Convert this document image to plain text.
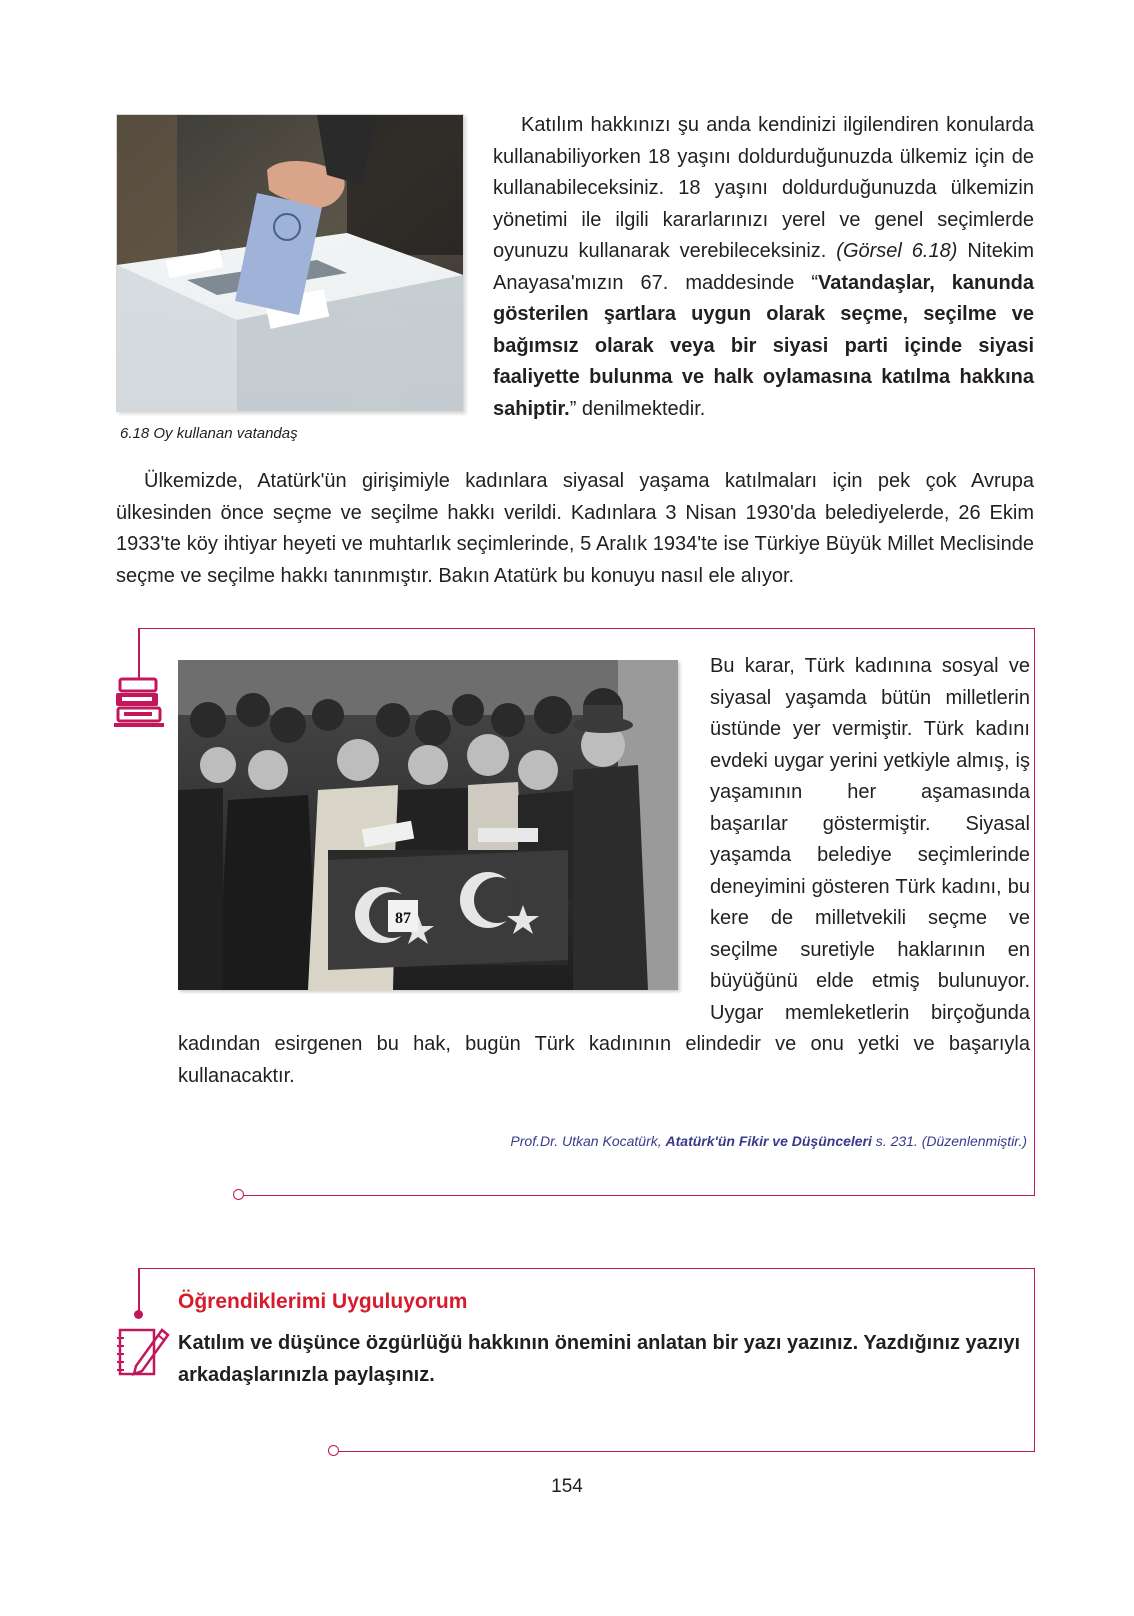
6.18 Oy kullanan vatandaş
Katılım hakkınızı şu anda kendinizi ilgilendiren konularda kullanabiliyorken 18 yaşını doldurduğunuzda ülkemiz için de kullanabileceksiniz. 18 yaşını doldurduğunuzda ülkemizin yönetimi ile ilgili kararlarınızı yerel ve genel seçimlerde oyunuzu kullanarak verebileceksiniz. (Görsel 6.18) Nitekim Anayasa'mızın 67. maddesinde “Vatandaşlar, kanunda gösterilen şartlara uygun olarak seçme, seçilme ve bağımsız olarak veya bir siyasi parti içinde siyasi faaliyette bulunma ve halk oylamasına katılma hakkına sahiptir.” denilmektedir.
Ülkemizde, Atatürk'ün girişimiyle kadınlara siyasal yaşama katılmaları için pek çok Avrupa ülkesinden önce seçme ve seçilme hakkı verildi. Kadınlara 3 Nisan 1930'da belediyelerde, 26 Ekim 1933'te köy ihtiyar heyeti ve muhtarlık seçimlerinde, 5 Aralık 1934'te ise Türkiye Büyük Millet Meclisinde seçme ve seçilme hakkı tanınmıştır. Bakın Atatürk bu konuyu nasıl ele alıyor.
87
Bu karar, Türk kadınına sosyal ve siyasal yaşamda bütün milletlerin üstünde yer vermiştir. Türk kadını evdeki uygar yerini yetkiyle almış, iş yaşamının her aşamasında başarılar göstermiştir. Siyasal yaşamda belediye seçimlerinde deneyimini gösteren Türk kadını, bu kere de milletvekili seçme ve seçilme suretiyle haklarının en büyüğünü elde etmiş bulunuyor. Uygar memleketlerin birçoğunda kadından esirgenen bu hak, bugün Türk kadınının elindedir ve onu yetki ve başarıyla kullanacaktır.
Prof.Dr. Utkan Kocatürk, Atatürk'ün Fikir ve Düşünceleri s. 231. (Düzenlenmiştir.)
Öğrendiklerimi Uyguluyorum
Katılım ve düşünce özgürlüğü hakkının önemini anlatan bir yazı yazınız. Yazdığınız yazıyı arkadaşlarınızla paylaşınız.
154
